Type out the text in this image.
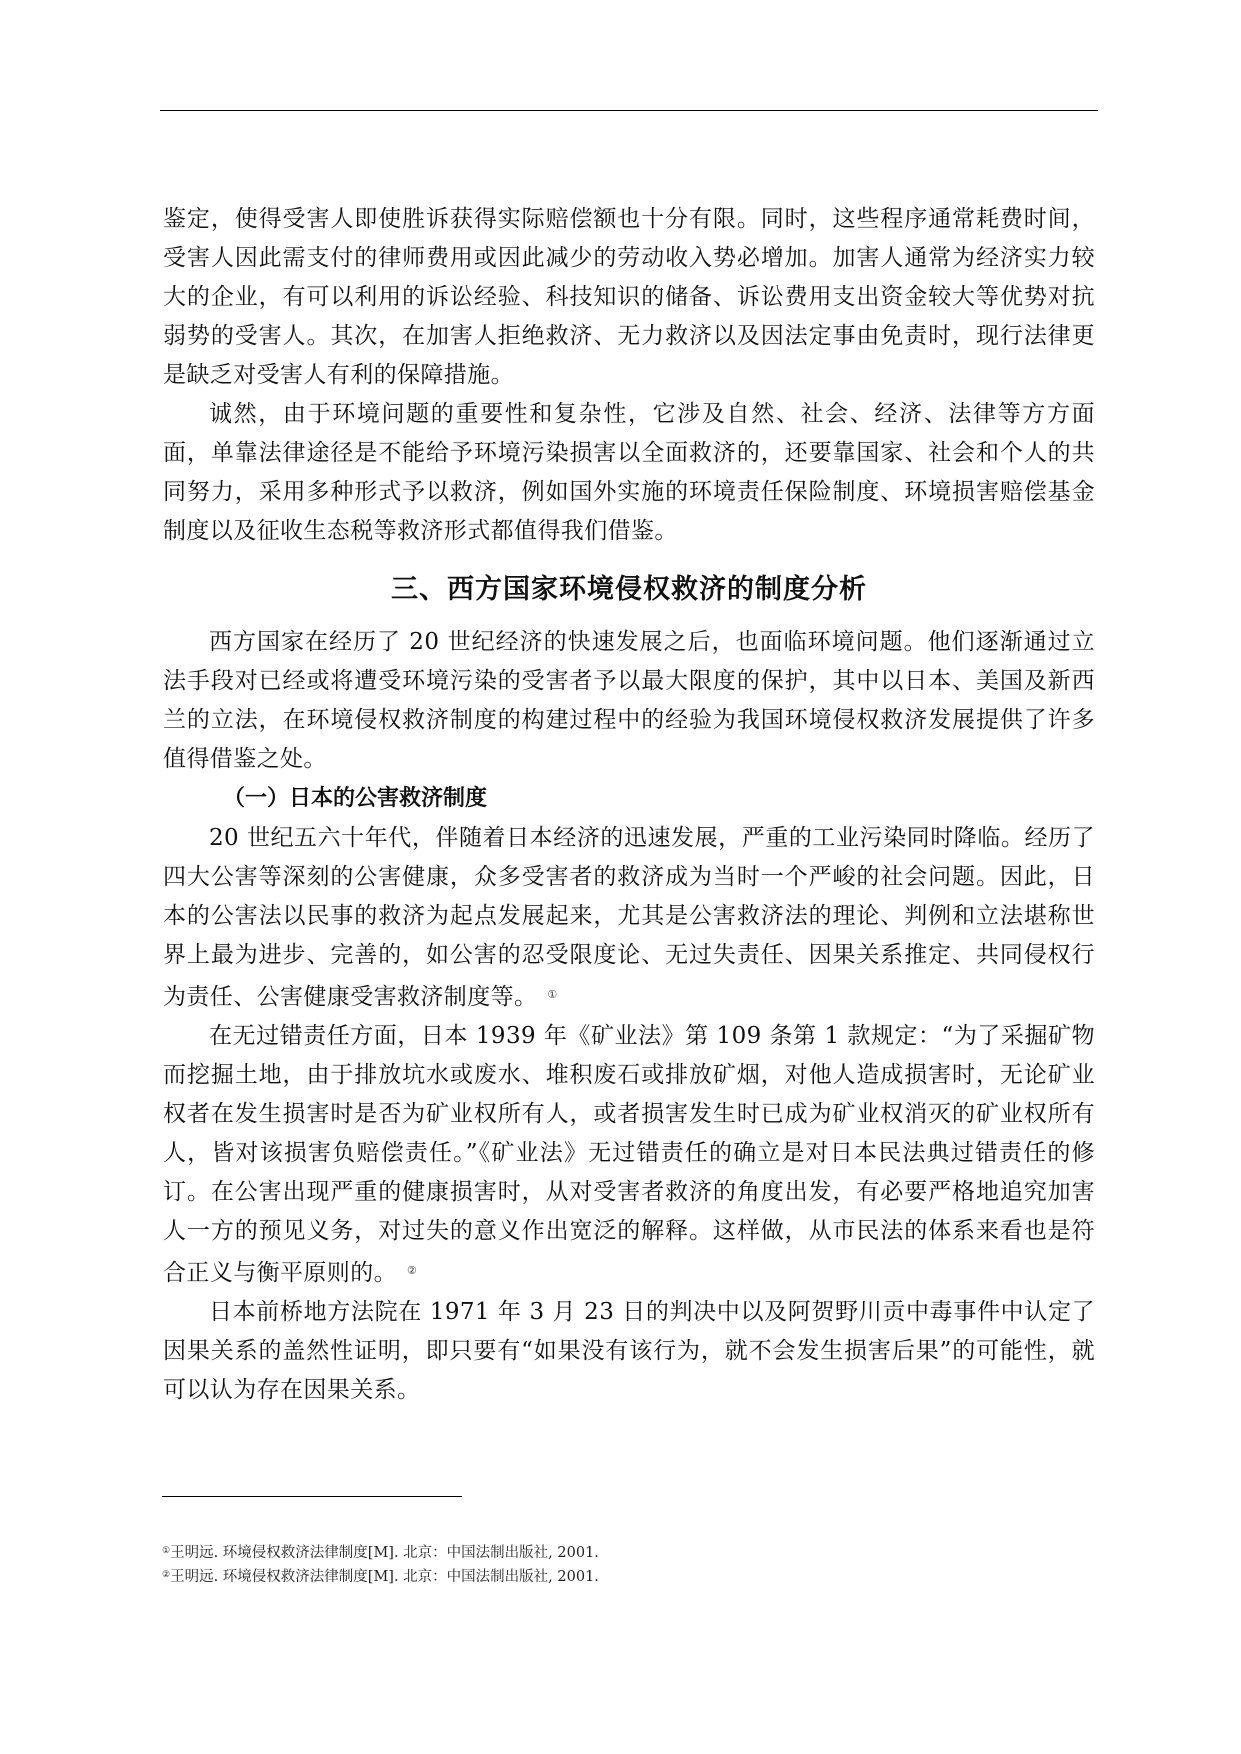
鉴定，使得受害人即使胜诉获得实际赔偿额也十分有限。同时，这些程序通常耗费时间，受害人因此需支付的律师费用或因此减少的劳动收入势必增加。加害人通常为经济实力较大的企业，有可以利用的诉讼经验、科技知识的储备、诉讼费用支出资金较大等优势对抗弱势的受害人。其次，在加害人拒绝救济、无力救济以及因法定事由免责时，现行法律更是缺乏对受害人有利的保障措施。

诚然，由于环境问题的重要性和复杂性，它涉及自然、社会、经济、法律等方方面面，单靠法律途径是不能给予环境污染损害以全面救济的，还要靠国家、社会和个人的共同努力，采用多种形式予以救济，例如国外实施的环境责任保险制度、环境损害赔偿基金制度以及征收生态税等救济形式都值得我们借鉴。

三、西方国家环境侵权救济的制度分析

西方国家在经历了 20 世纪经济的快速发展之后，也面临环境问题。他们逐渐通过立法手段对已经或将遭受环境污染的受害者予以最大限度的保护，其中以日本、美国及新西兰的立法，在环境侵权救济制度的构建过程中的经验为我国环境侵权救济发展提供了许多值得借鉴之处。

（一）日本的公害救济制度

20 世纪五六十年代，伴随着日本经济的迅速发展，严重的工业污染同时降临。经历了四大公害等深刻的公害健康，众多受害者的救济成为当时一个严峻的社会问题。因此，日本的公害法以民事的救济为起点发展起来，尤其是公害救济法的理论、判例和立法堪称世界上最为进步、完善的，如公害的忍受限度论、无过失责任、因果关系推定、共同侵权行为责任、公害健康受害救济制度等。 ①

在无过错责任方面，日本 1939 年《矿业法》第 109 条第 1 款规定：“为了采掘矿物而挖掘土地，由于排放坑水或废水、堆积废石或排放矿烟，对他人造成损害时，无论矿业权者在发生损害时是否为矿业权所有人，或者损害发生时已成为矿业权消灭的矿业权所有人，皆对该损害负赔偿责任。”《矿业法》无过错责任的确立是对日本民法典过错责任的修订。在公害出现严重的健康损害时，从对受害者救济的角度出发，有必要严格地追究加害人一方的预见义务，对过失的意义作出宽泛的解释。这样做，从市民法的体系来看也是符合正义与衡平原则的。 ②

日本前桥地方法院在 1971 年 3 月 23 日的判决中以及阿贺野川贡中毒事件中认定了因果关系的盖然性证明，即只要有“如果没有该行为，就不会发生损害后果”的可能性，就可以认为存在因果关系。

①王明远. 环境侵权救济法律制度[M]. 北京：中国法制出版社, 2001.
②王明远. 环境侵权救济法律制度[M]. 北京：中国法制出版社, 2001.
